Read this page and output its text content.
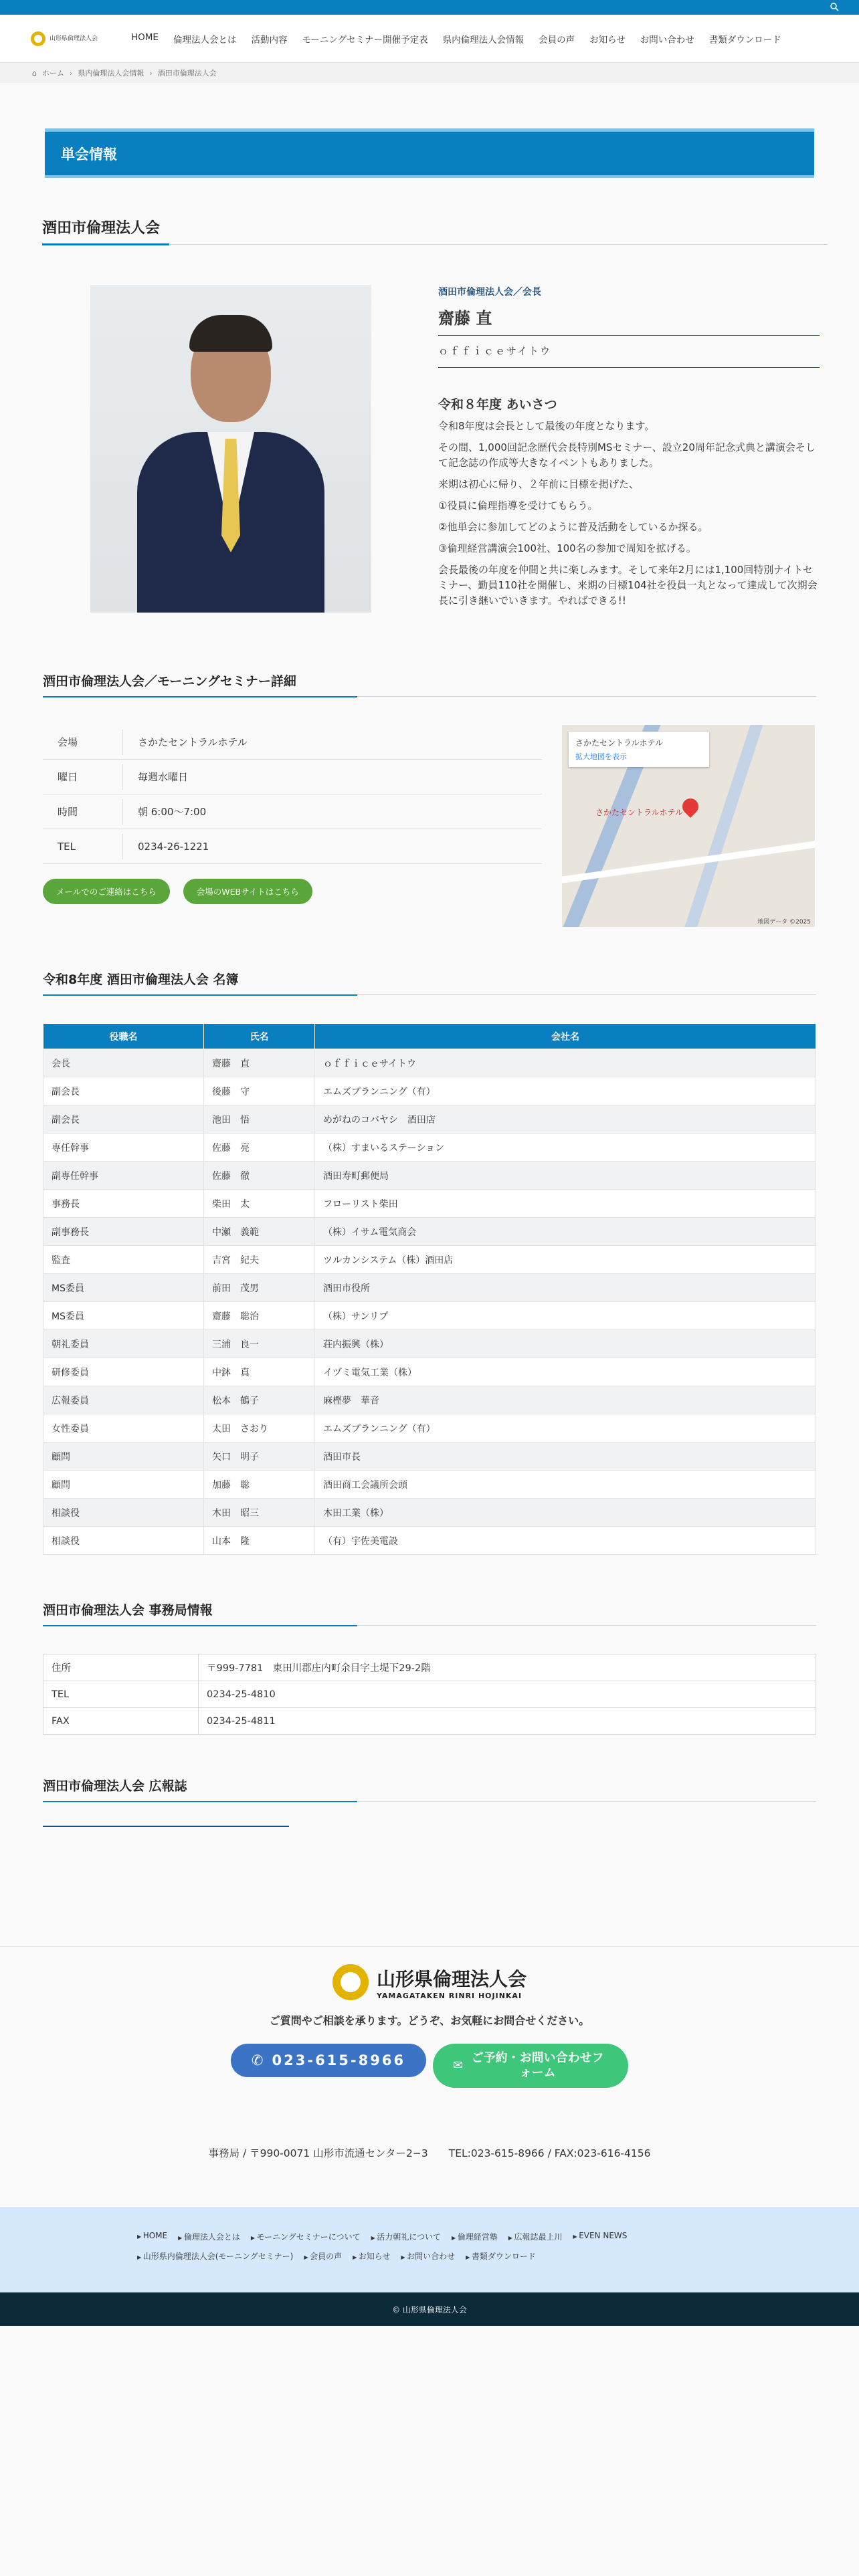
山形県倫理法人会	HOME 倫理法人会とは 活動内容 モーニングセミナー開催予定表 県内倫理法人会情報 会員の声 お知らせ お問い合わせ 書類ダウンロード
⌂ ホーム › 県内倫理法人会情報 › 酒田市倫理法人会
単会情報
酒田市倫理法人会
酒田市倫理法人会／会長
齋藤 直
ｏｆｆｉｃｅサイトウ
令和８年度 あいさつ

令和8年度は会長として最後の年度となります。

その間、1,000回記念歴代会長特別MSセミナー、設立20周年記念式典と講演会そして記念誌の作成等大きなイベントもありました。

来期は初心に帰り、２年前に目標を掲げた、

①役員に倫理指導を受けてもらう。

②他単会に参加してどのように普及活動をしているか探る。

③倫理経営講演会100社、100名の参加で周知を拡げる。

会長最後の年度を仲間と共に楽しみます。そして来年2月には1,100回特別ナイトセミナー、勤員110社を開催し、来期の目標104社を役員一丸となって達成して次期会長に引き継いでいきます。やればできる!!

酒田市倫理法人会／モーニングセミナー詳細
会場	さかたセントラルホテル
曜日	毎週水曜日
時間	朝 6:00〜7:00
TEL	0234-26-1221
メールでのご連絡はこちら	会場のWEBサイトはこちら
さかたセントラルホテル
拡大地図を表示
さかたセントラルホテル
地図データ ©2025
令和8年度 酒田市倫理法人会 名簿
役職名	氏名	会社名
会長	齋藤　直	ｏｆｆｉｃｅサイトウ
副会長	後藤　守	エムズプランニング（有）
副会長	池田　悟	めがねのコバヤシ　酒田店
専任幹事	佐藤　亮	（株）すまいるステーション
副専任幹事	佐藤　徹	酒田寿町郵便局
事務長	柴田　太	フローリスト柴田
副事務長	中瀬　義範	（株）イサム電気商会
監査	吉宮　紀夫	ツルカンシステム（株）酒田店
MS委員	前田　茂男	酒田市役所
MS委員	齋藤　聡治	（株）サンリプ
朝礼委員	三浦　良一	荘内振興（株）
研修委員	中鉢　真	イヅミ電気工業（株）
広報委員	松本　鶴子	麻樫夢　華音
女性委員	太田　さおり	エムズプランニング（有）
顧問	矢口　明子	酒田市長
顧問	加藤　聡	酒田商工会議所会頭
相談役	木田　昭三	木田工業（株）
相談役	山本　隆	（有）宇佐美電設
酒田市倫理法人会 事務局情報
住所	〒999-7781　東田川郡庄内町余目字土堤下29-2階
TEL	0234-25-4810
FAX	0234-25-4811
酒田市倫理法人会 広報誌
山形県倫理法人会
YAMAGATAKEN RINRI HOJINKAI
ご質問やご相談を承ります。どうぞ、お気軽にお問合せください。
✆ 023-615-8966	✉
ご予約・お問い合わせフォーム
事務局 / 〒990-0071 山形市流通センター2−3　　TEL:023-615-8966 / FAX:023-616-4156
▶ HOME	▶ 倫理法人会とは	▶ モーニングセミナーについて	▶ 活力朝礼について	▶ 倫理経営塾	▶ 広報誌最上川	▶ EVEN NEWS
▶ 山形県内倫理法人会(モーニングセミナー)	▶ 会員の声	▶ お知らせ	▶ お問い合わせ	▶ 書類ダウンロード
© 山形県倫理法人会
